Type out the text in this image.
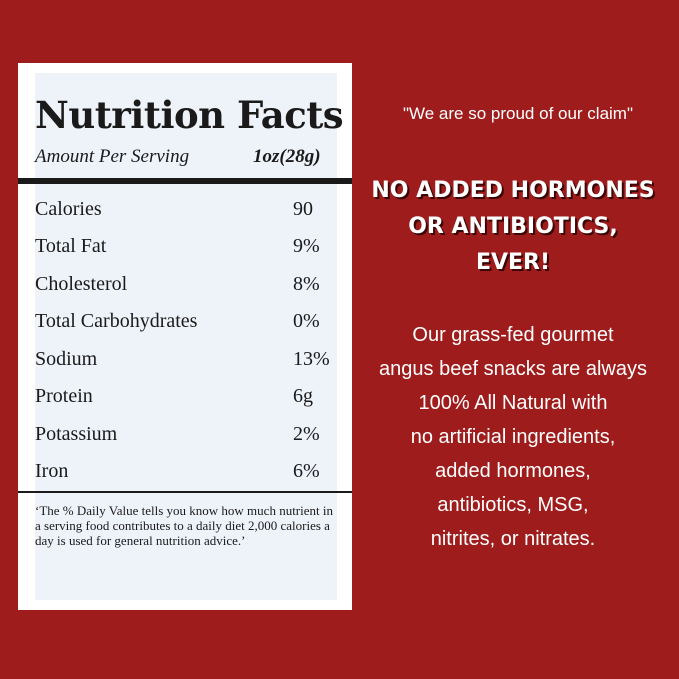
Nutrition Facts
Amount Per Serving	1oz(28g)
Calories	90
Total Fat	9%
Cholesterol	8%
Total Carbohydrates	0%
Sodium	13%
Protein	6g
Potassium	2%
Iron	6%
‘The % Daily Value tells you know how much nutrient in a serving food contributes to a daily diet 2,000 calories a day is used for general nutrition advice.’
"We are so proud of our claim"
NO ADDED HORMONES
OR ANTIBIOTICS,
EVER!
Our grass-fed gourmet
angus beef snacks are always
100% All Natural with
no artificial ingredients,
added hormones,
antibiotics, MSG,
nitrites, or nitrates.
